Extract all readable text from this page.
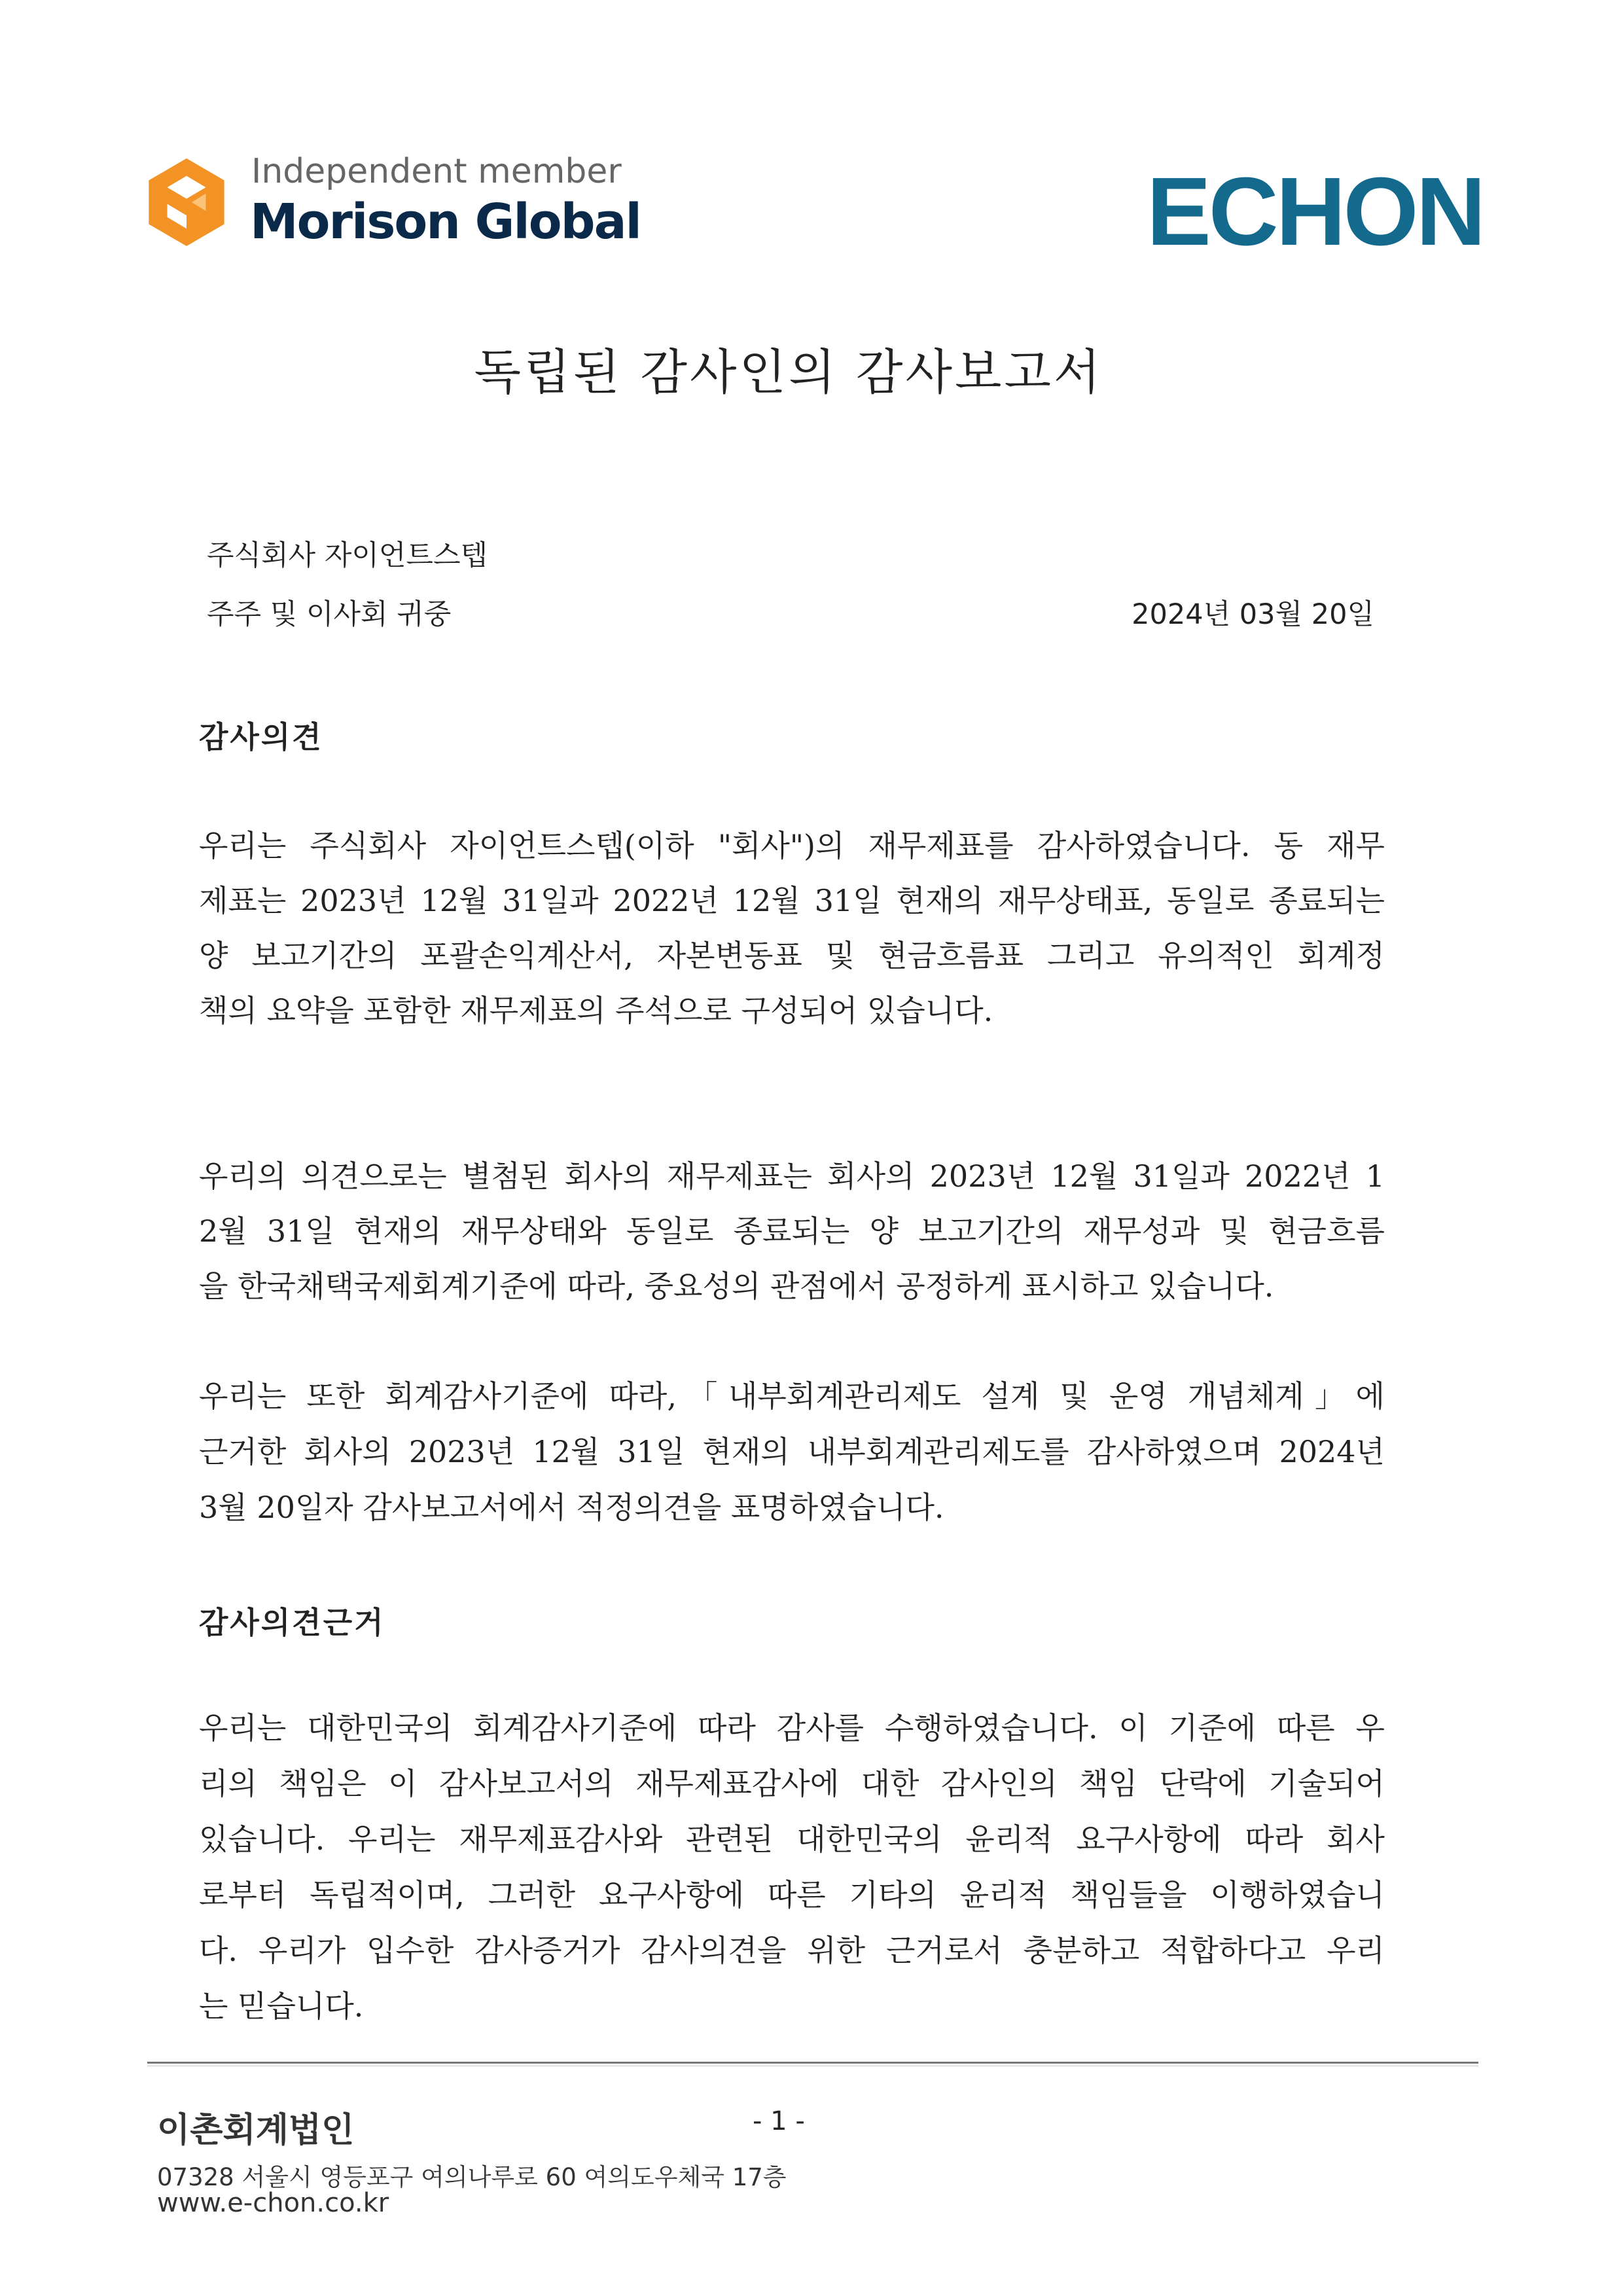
Independent member
Morison Global	ECHON
독립된 감사인의 감사보고서
주식회사 자이언트스텝
주주 및 이사회 귀중	2024년 03월 20일
감사의견
우리는 주식회사 자이언트스텝(이하 "회사")의 재무제표를 감사하였습니다. 동 재무
제표는 2023년 12월 31일과 2022년 12월 31일 현재의 재무상태표, 동일로 종료되는
양 보고기간의 포괄손익계산서, 자본변동표 및 현금흐름표 그리고 유의적인 회계정
책의 요약을 포함한 재무제표의 주석으로 구성되어 있습니다.
우리의 의견으로는 별첨된 회사의 재무제표는 회사의 2023년 12월 31일과 2022년 1
2월 31일 현재의 재무상태와 동일로 종료되는 양 보고기간의 재무성과 및 현금흐름
을 한국채택국제회계기준에 따라, 중요성의 관점에서 공정하게 표시하고 있습니다.
우리는 또한 회계감사기준에 따라,「내부회계관리제도 설계 및 운영 개념체계」에
근거한 회사의 2023년 12월 31일 현재의 내부회계관리제도를 감사하였으며 2024년
3월 20일자 감사보고서에서 적정의견을 표명하였습니다.
우리는 대한민국의 회계감사기준에 따라 감사를 수행하였습니다. 이 기준에 따른 우
리의 책임은 이 감사보고서의 재무제표감사에 대한 감사인의 책임 단락에 기술되어
있습니다. 우리는 재무제표감사와 관련된 대한민국의 윤리적 요구사항에 따라 회사
로부터 독립적이며, 그러한 요구사항에 따른 기타의 윤리적 책임들을 이행하였습니
다. 우리가 입수한 감사증거가 감사의견을 위한 근거로서 충분하고 적합하다고 우리
는 믿습니다.
감사의견근거
이촌회계법인	- 1 -
07328 서울시 영등포구 여의나루로 60 여의도우체국 17층
www.e-chon.co.kr
